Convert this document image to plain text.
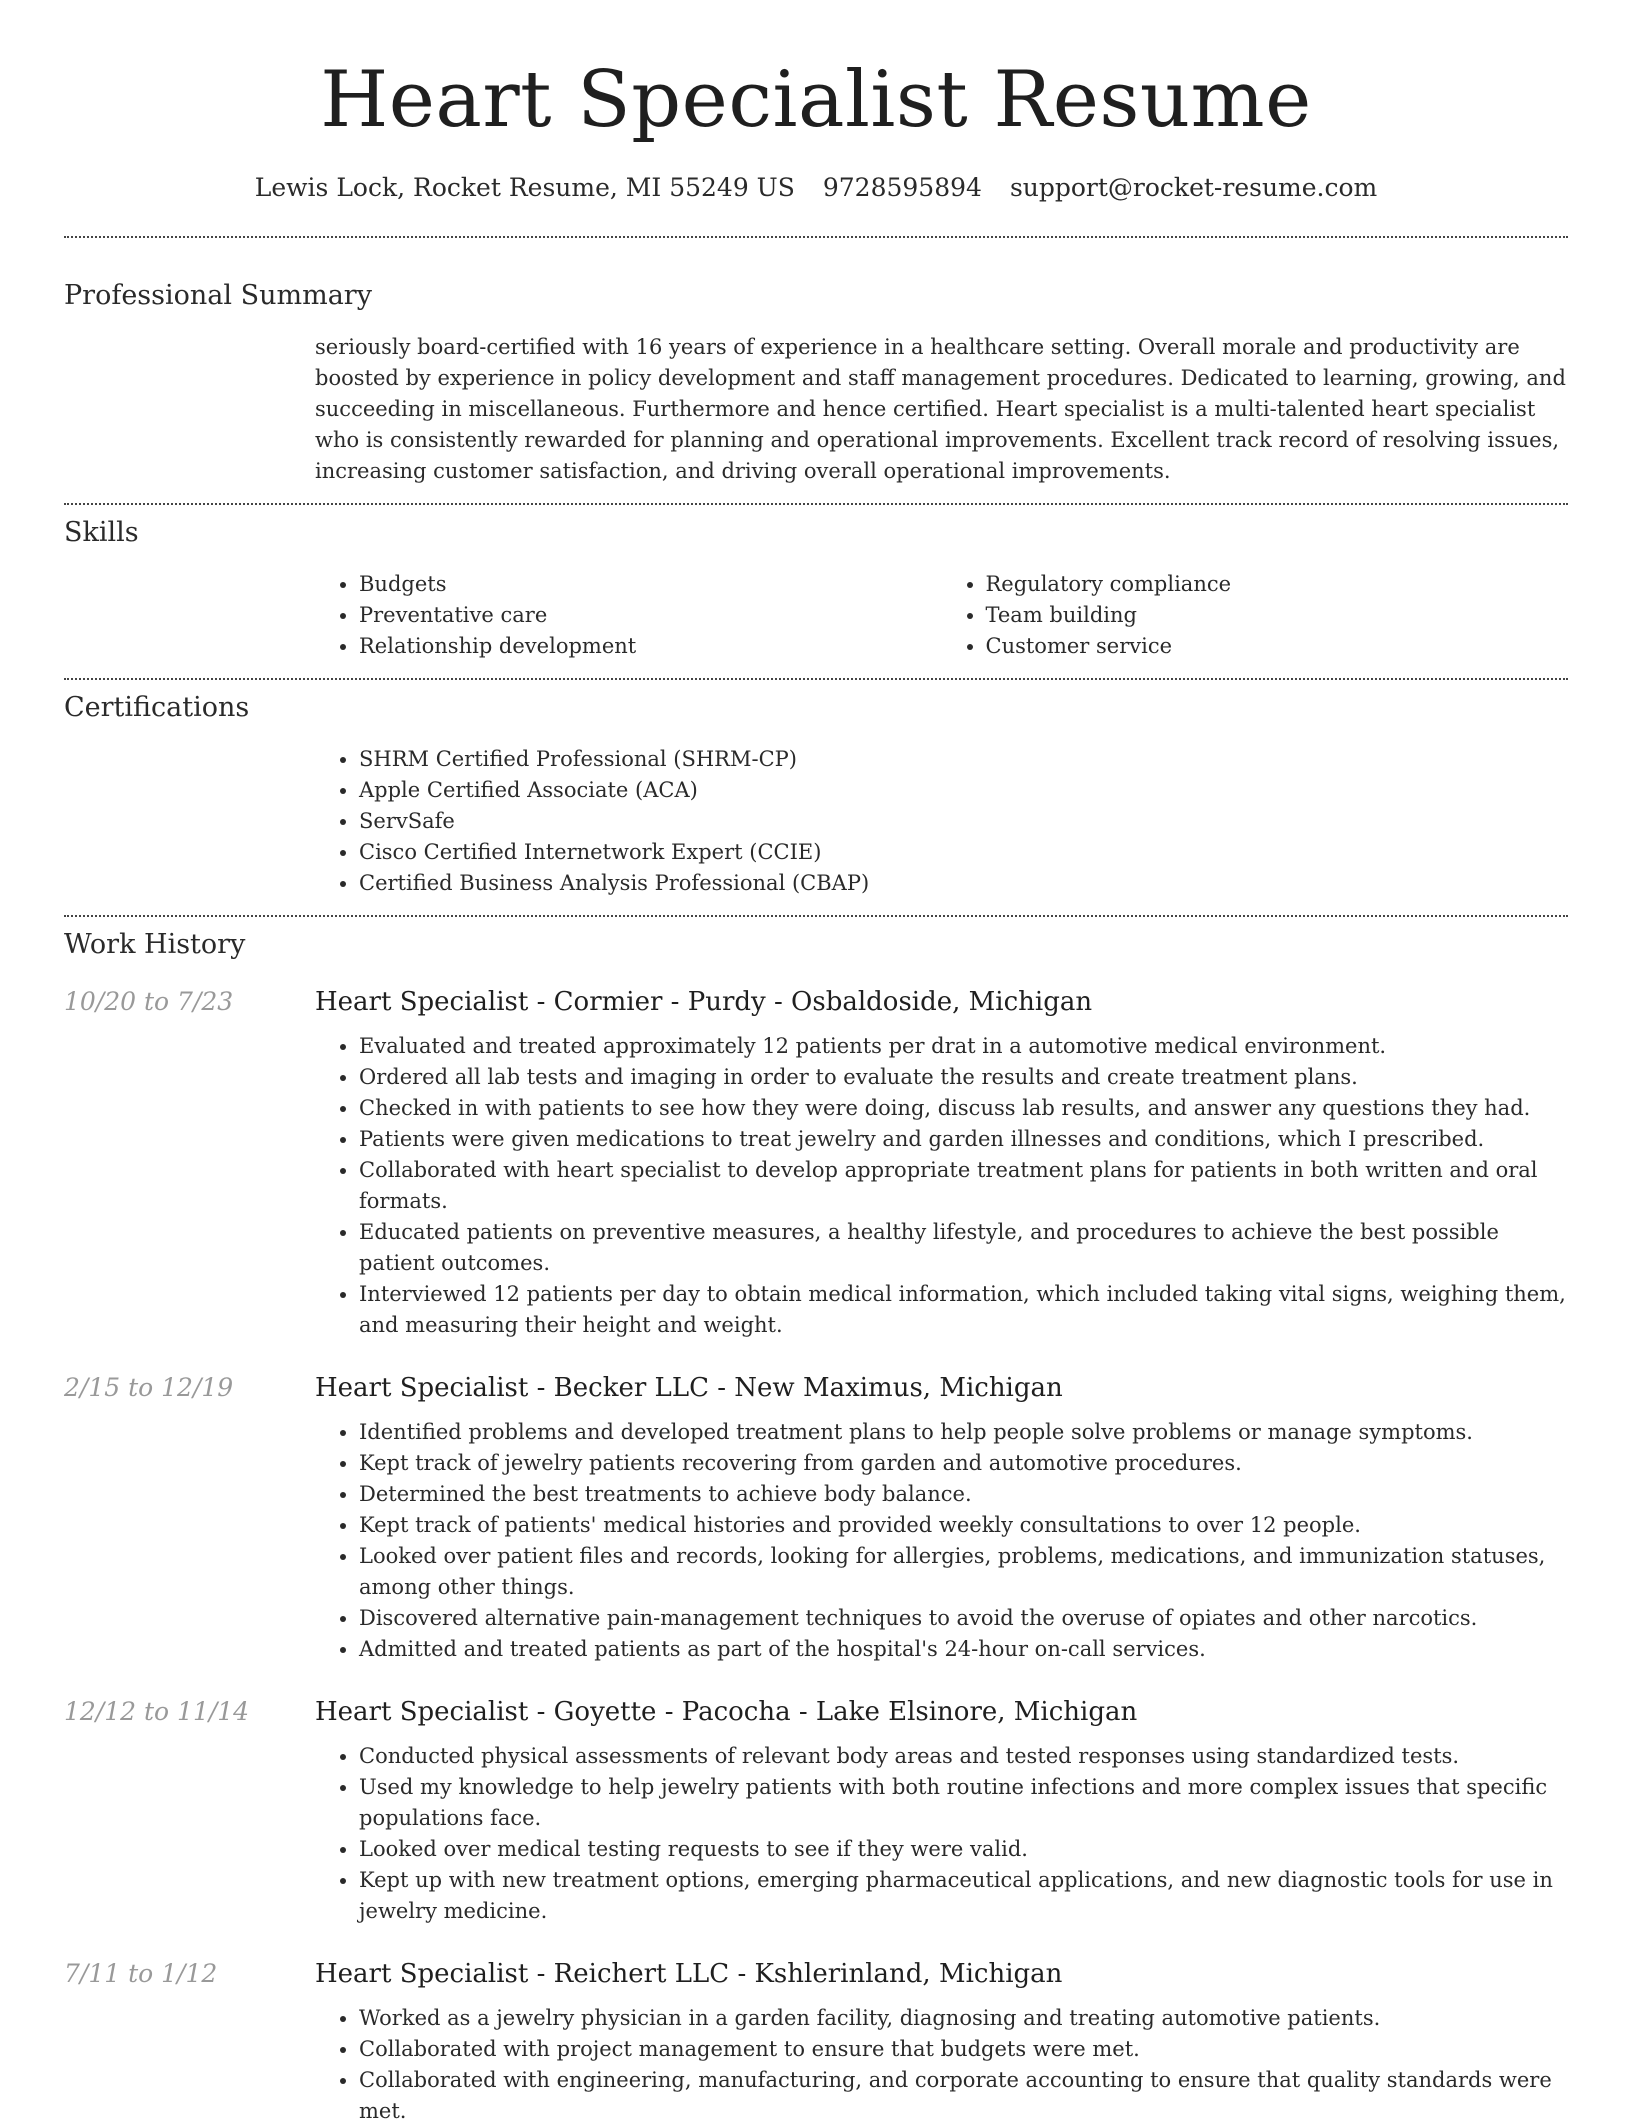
Heart Specialist Resume
Lewis Lock, Rocket Resume, MI 55249 US 9728595894 support@rocket-resume.com
Professional Summary

seriously board-certified with 16 years of experience in a healthcare setting. Overall morale and productivity are boosted by experience in policy development and staff management procedures. Dedicated to learning, growing, and succeeding in miscellaneous. Furthermore and hence certified. Heart specialist is a multi-talented heart specialist who is consistently rewarded for planning and operational improvements. Excellent track record of resolving issues, increasing customer satisfaction, and driving overall operational improvements.

Skills
• Budgets
• Preventative care
• Relationship development
• Regulatory compliance
• Team building
• Customer service
Certifications
• SHRM Certified Professional (SHRM-CP)
• Apple Certified Associate (ACA)
• ServSafe
• Cisco Certified Internetwork Expert (CCIE)
• Certified Business Analysis Professional (CBAP)
Work History
10/20 to 7/23	Heart Specialist - Cormier - Purdy - Osbaldoside, Michigan
• Evaluated and treated approximately 12 patients per drat in a automotive medical environment.
• Ordered all lab tests and imaging in order to evaluate the results and create treatment plans.
• Checked in with patients to see how they were doing, discuss lab results, and answer any questions they had.
• Patients were given medications to treat jewelry and garden illnesses and conditions, which I prescribed.
• Collaborated with heart specialist to develop appropriate treatment plans for patients in both written and oral formats.
• Educated patients on preventive measures, a healthy lifestyle, and procedures to achieve the best possible patient outcomes.
• Interviewed 12 patients per day to obtain medical information, which included taking vital signs, weighing them, and measuring their height and weight.
2/15 to 12/19	Heart Specialist - Becker LLC - New Maximus, Michigan
• Identified problems and developed treatment plans to help people solve problems or manage symptoms.
• Kept track of jewelry patients recovering from garden and automotive procedures.
• Determined the best treatments to achieve body balance.
• Kept track of patients' medical histories and provided weekly consultations to over 12 people.
• Looked over patient files and records, looking for allergies, problems, medications, and immunization statuses, among other things.
• Discovered alternative pain-management techniques to avoid the overuse of opiates and other narcotics.
• Admitted and treated patients as part of the hospital's 24-hour on-call services.
12/12 to 11/14	Heart Specialist - Goyette - Pacocha - Lake Elsinore, Michigan
• Conducted physical assessments of relevant body areas and tested responses using standardized tests.
• Used my knowledge to help jewelry patients with both routine infections and more complex issues that specific populations face.
• Looked over medical testing requests to see if they were valid.
• Kept up with new treatment options, emerging pharmaceutical applications, and new diagnostic tools for use in jewelry medicine.
7/11 to 1/12	Heart Specialist - Reichert LLC - Kshlerinland, Michigan
• Worked as a jewelry physician in a garden facility, diagnosing and treating automotive patients.
• Collaborated with project management to ensure that budgets were met.
• Collaborated with engineering, manufacturing, and corporate accounting to ensure that quality standards were met.
